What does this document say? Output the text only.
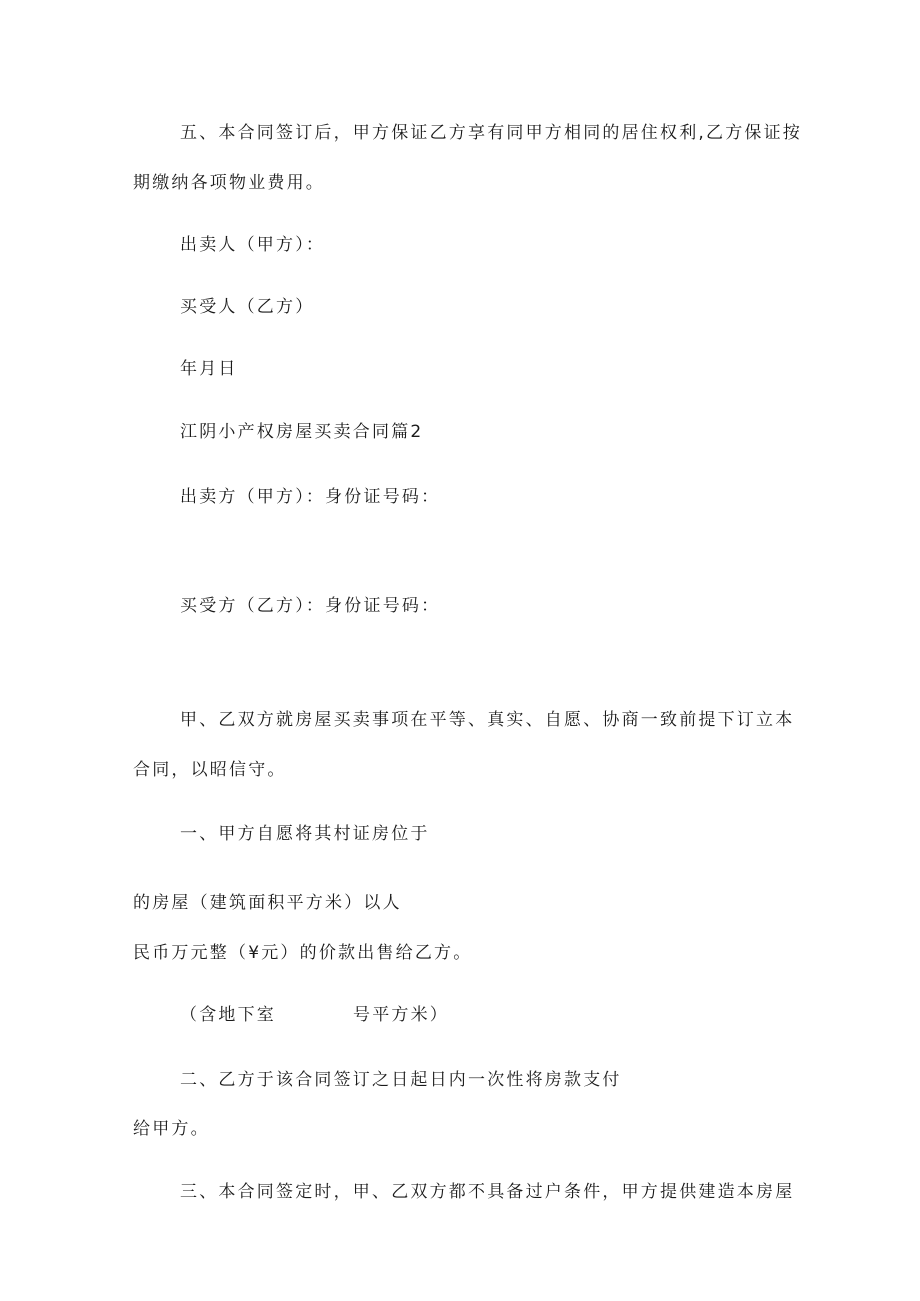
五、本合同签订后，甲方保证乙方享有同甲方相同的居住权利,乙方保证按
期缴纳各项物业费用。
出卖人（甲方）：
买受人（乙方）
年月日
江阴小产权房屋买卖合同篇2
出卖方（甲方）：身份证号码：
买受方（乙方）：身份证号码：
甲、乙双方就房屋买卖事项在平等、真实、自愿、协商一致前提下订立本
合同，以昭信守。
一、甲方自愿将其村证房位于
的房屋（建筑面积平方米）以人
民币万元整（¥元）的价款出售给乙方。
（含地下室	号平方米）
二、乙方于该合同签订之日起日内一次性将房款支付
给甲方。
三、本合同签定时，甲、乙双方都不具备过户条件，甲方提供建造本房屋
